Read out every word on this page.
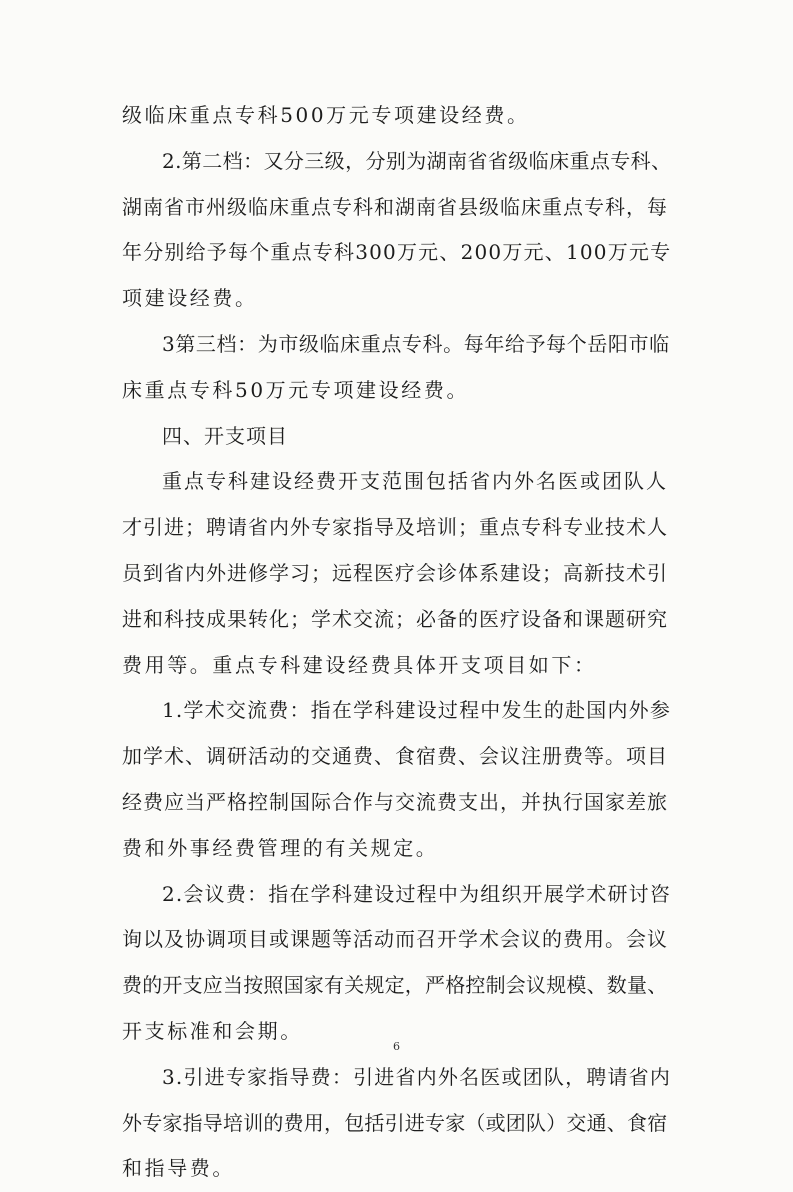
级临床重点专科500万元专项建设经费。
2.第二档：又分三级，分别为湖南省省级临床重点专科、
湖南省市州级临床重点专科和湖南省县级临床重点专科，每
年分别给予每个重点专科300万元、200万元、100万元专
项建设经费。
3第三档：为市级临床重点专科。每年给予每个岳阳市临
床重点专科50万元专项建设经费。
四、开支项目
重点专科建设经费开支范围包括省内外名医或团队人
才引进；聘请省内外专家指导及培训；重点专科专业技术人
员到省内外进修学习；远程医疗会诊体系建设；高新技术引
进和科技成果转化；学术交流；必备的医疗设备和课题研究
费用等。重点专科建设经费具体开支项目如下：
1.学术交流费：指在学科建设过程中发生的赴国内外参
加学术、调研活动的交通费、食宿费、会议注册费等。项目
经费应当严格控制国际合作与交流费支出，并执行国家差旅
费和外事经费管理的有关规定。
2.会议费：指在学科建设过程中为组织开展学术研讨咨
询以及协调项目或课题等活动而召开学术会议的费用。会议
费的开支应当按照国家有关规定，严格控制会议规模、数量、
开支标准和会期。
3.引进专家指导费：引进省内外名医或团队，聘请省内
外专家指导培训的费用，包括引进专家（或团队）交通、食宿
和指导费。
6
